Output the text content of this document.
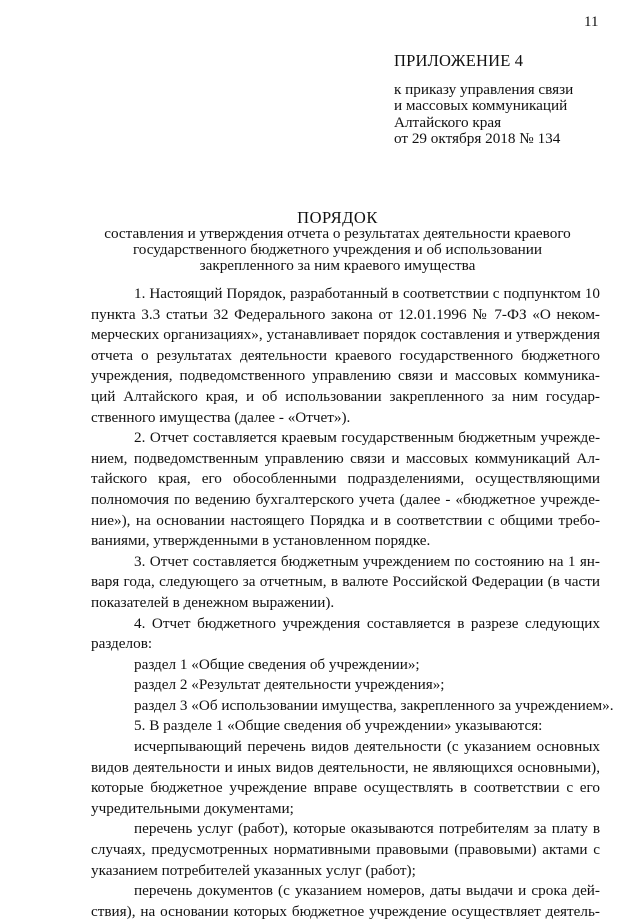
11
ПРИЛОЖЕНИЕ 4
к приказу управления связи
и массовых коммуникаций
Алтайского края
от 29 октября 2018 № 134
ПОРЯДОК
составления и утверждения отчета о результатах деятельности краевого
государственного бюджетного учреждения и об использовании
закрепленного за ним краевого имущества
1. Настоящий Порядок, разработанный в соответствии с подпунктом 10
пункта 3.3 статьи 32 Федерального закона от 12.01.1996 № 7-ФЗ «О неком-
мерческих организациях», устанавливает порядок составления и утверждения
отчета о результатах деятельности краевого государственного бюджетного
учреждения, подведомственного управлению связи и массовых коммуника-
ций Алтайского края, и об использовании закрепленного за ним государ-
ственного имущества (далее - «Отчет»).
2. Отчет составляется краевым государственным бюджетным учрежде-
нием, подведомственным управлению связи и массовых коммуникаций Ал-
тайского края, его обособленными подразделениями, осуществляющими
полномочия по ведению бухгалтерского учета (далее - «бюджетное учрежде-
ние»), на основании настоящего Порядка и в соответствии с общими требо-
ваниями, утвержденными в установленном порядке.
3. Отчет составляется бюджетным учреждением по состоянию на 1 ян-
варя года, следующего за отчетным, в валюте Российской Федерации (в части
показателей в денежном выражении).
4. Отчет бюджетного учреждения составляется в разрезе следующих
разделов:
раздел 1 «Общие сведения об учреждении»;
раздел 2 «Результат деятельности учреждения»;
раздел 3 «Об использовании имущества, закрепленного за учреждением».
5. В разделе 1 «Общие сведения об учреждении» указываются:
исчерпывающий перечень видов деятельности (с указанием основных
видов деятельности и иных видов деятельности, не являющихся основными),
которые бюджетное учреждение вправе осуществлять в соответствии с его
учредительными документами;
перечень услуг (работ), которые оказываются потребителям за плату в
случаях, предусмотренных нормативными правовыми (правовыми) актами с
указанием потребителей указанных услуг (работ);
перечень документов (с указанием номеров, даты выдачи и срока дей-
ствия), на основании которых бюджетное учреждение осуществляет деятель-
